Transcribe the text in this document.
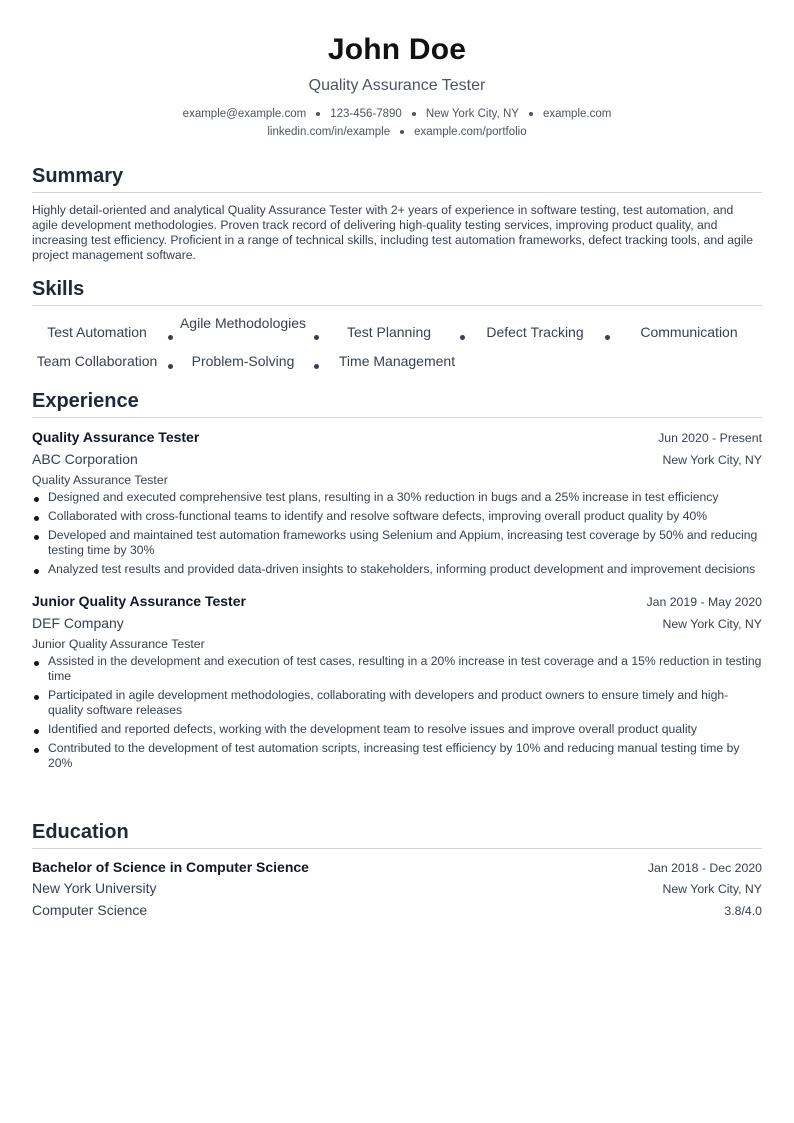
John Doe
Quality Assurance Tester
example@example.com 123-456-7890 New York City, NY example.com
linkedin.com/in/example example.com/portfolio
Summary

Highly detail-oriented and analytical Quality Assurance Tester with 2+ years of experience in software testing, test automation, and agile development methodologies. Proven track record of delivering high-quality testing services, improving product quality, and increasing test efficiency. Proficient in a range of technical skills, including test automation frameworks, defect tracking tools, and agile project management software.

Skills
Test Automation
Agile Methodologies
Test Planning	Defect Tracking	Communication
Team Collaboration	Problem-Solving	Time Management
Experience
Quality Assurance Tester	Jun 2020 - Present
ABC Corporation	New York City, NY
Quality Assurance Tester
Designed and executed comprehensive test plans, resulting in a 30% reduction in bugs and a 25% increase in test efficiency
Collaborated with cross-functional teams to identify and resolve software defects, improving overall product quality by 40%
Developed and maintained test automation frameworks using Selenium and Appium, increasing test coverage by 50% and reducing testing time by 30%
Analyzed test results and provided data-driven insights to stakeholders, informing product development and improvement decisions
Junior Quality Assurance Tester	Jan 2019 - May 2020
DEF Company	New York City, NY
Junior Quality Assurance Tester
Assisted in the development and execution of test cases, resulting in a 20% increase in test coverage and a 15% reduction in testing time
Participated in agile development methodologies, collaborating with developers and product owners to ensure timely and high-quality software releases
Identified and reported defects, working with the development team to resolve issues and improve overall product quality
Contributed to the development of test automation scripts, increasing test efficiency by 10% and reducing manual testing time by 20%
Education
Bachelor of Science in Computer Science	Jan 2018 - Dec 2020
New York University	New York City, NY
Computer Science	3.8/4.0
